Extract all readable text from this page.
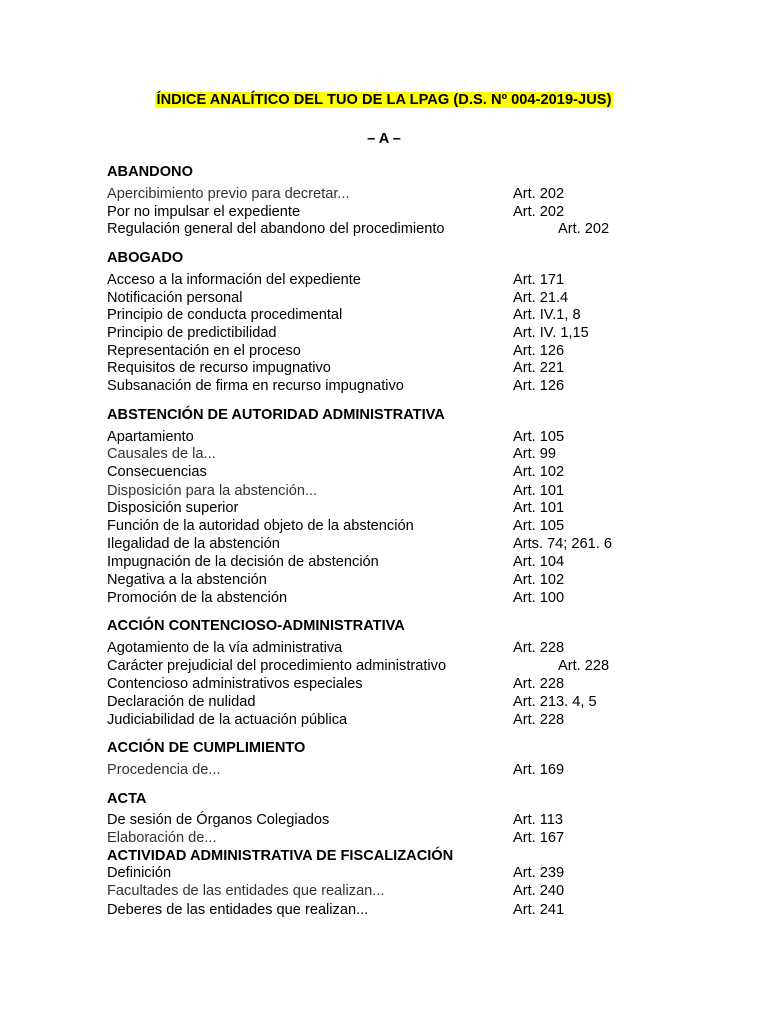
ÍNDICE ANALÍTICO DEL TUO DE LA LPAG (D.S. Nº 004-2019-JUS)
– A –
ABANDONO
Apercibimiento previo para decretar...	Art. 202
Por no impulsar el expediente	Art. 202
Regulación general del abandono del procedimiento	Art. 202
ABOGADO
Acceso a la información del expediente	Art. 171
Notificación personal	Art. 21.4
Principio de conducta procedimental	Art. IV.1, 8
Principio de predictibilidad	Art. IV. 1,15
Representación en el proceso	Art. 126
Requisitos de recurso impugnativo	Art. 221
Subsanación de firma en recurso impugnativo	Art. 126
ABSTENCIÓN DE AUTORIDAD ADMINISTRATIVA
Apartamiento	Art. 105
Causales de la...	Art. 99
Consecuencias	Art. 102
Disposición para la abstención...	Art. 101
Disposición superior	Art. 101
Función de la autoridad objeto de la abstención	Art. 105
Ilegalidad de la abstención	Arts. 74; 261. 6
Impugnación de la decisión de abstención	Art. 104
Negativa a la abstención	Art. 102
Promoción de la abstención	Art. 100
ACCIÓN CONTENCIOSO-ADMINISTRATIVA
Agotamiento de la vía administrativa	Art. 228
Carácter prejudicial del procedimiento administrativo	Art. 228
Contencioso administrativos especiales	Art. 228
Declaración de nulidad	Art. 213. 4, 5
Judiciabilidad de la actuación pública	Art. 228
ACCIÓN DE CUMPLIMIENTO
Procedencia de...	Art. 169
ACTA
De sesión de Órganos Colegiados	Art. 113
Elaboración de...	Art. 167
ACTIVIDAD ADMINISTRATIVA DE FISCALIZACIÓN
Definición	Art. 239
Facultades de las entidades que realizan...	Art. 240
Deberes de las entidades que realizan...	Art. 241
